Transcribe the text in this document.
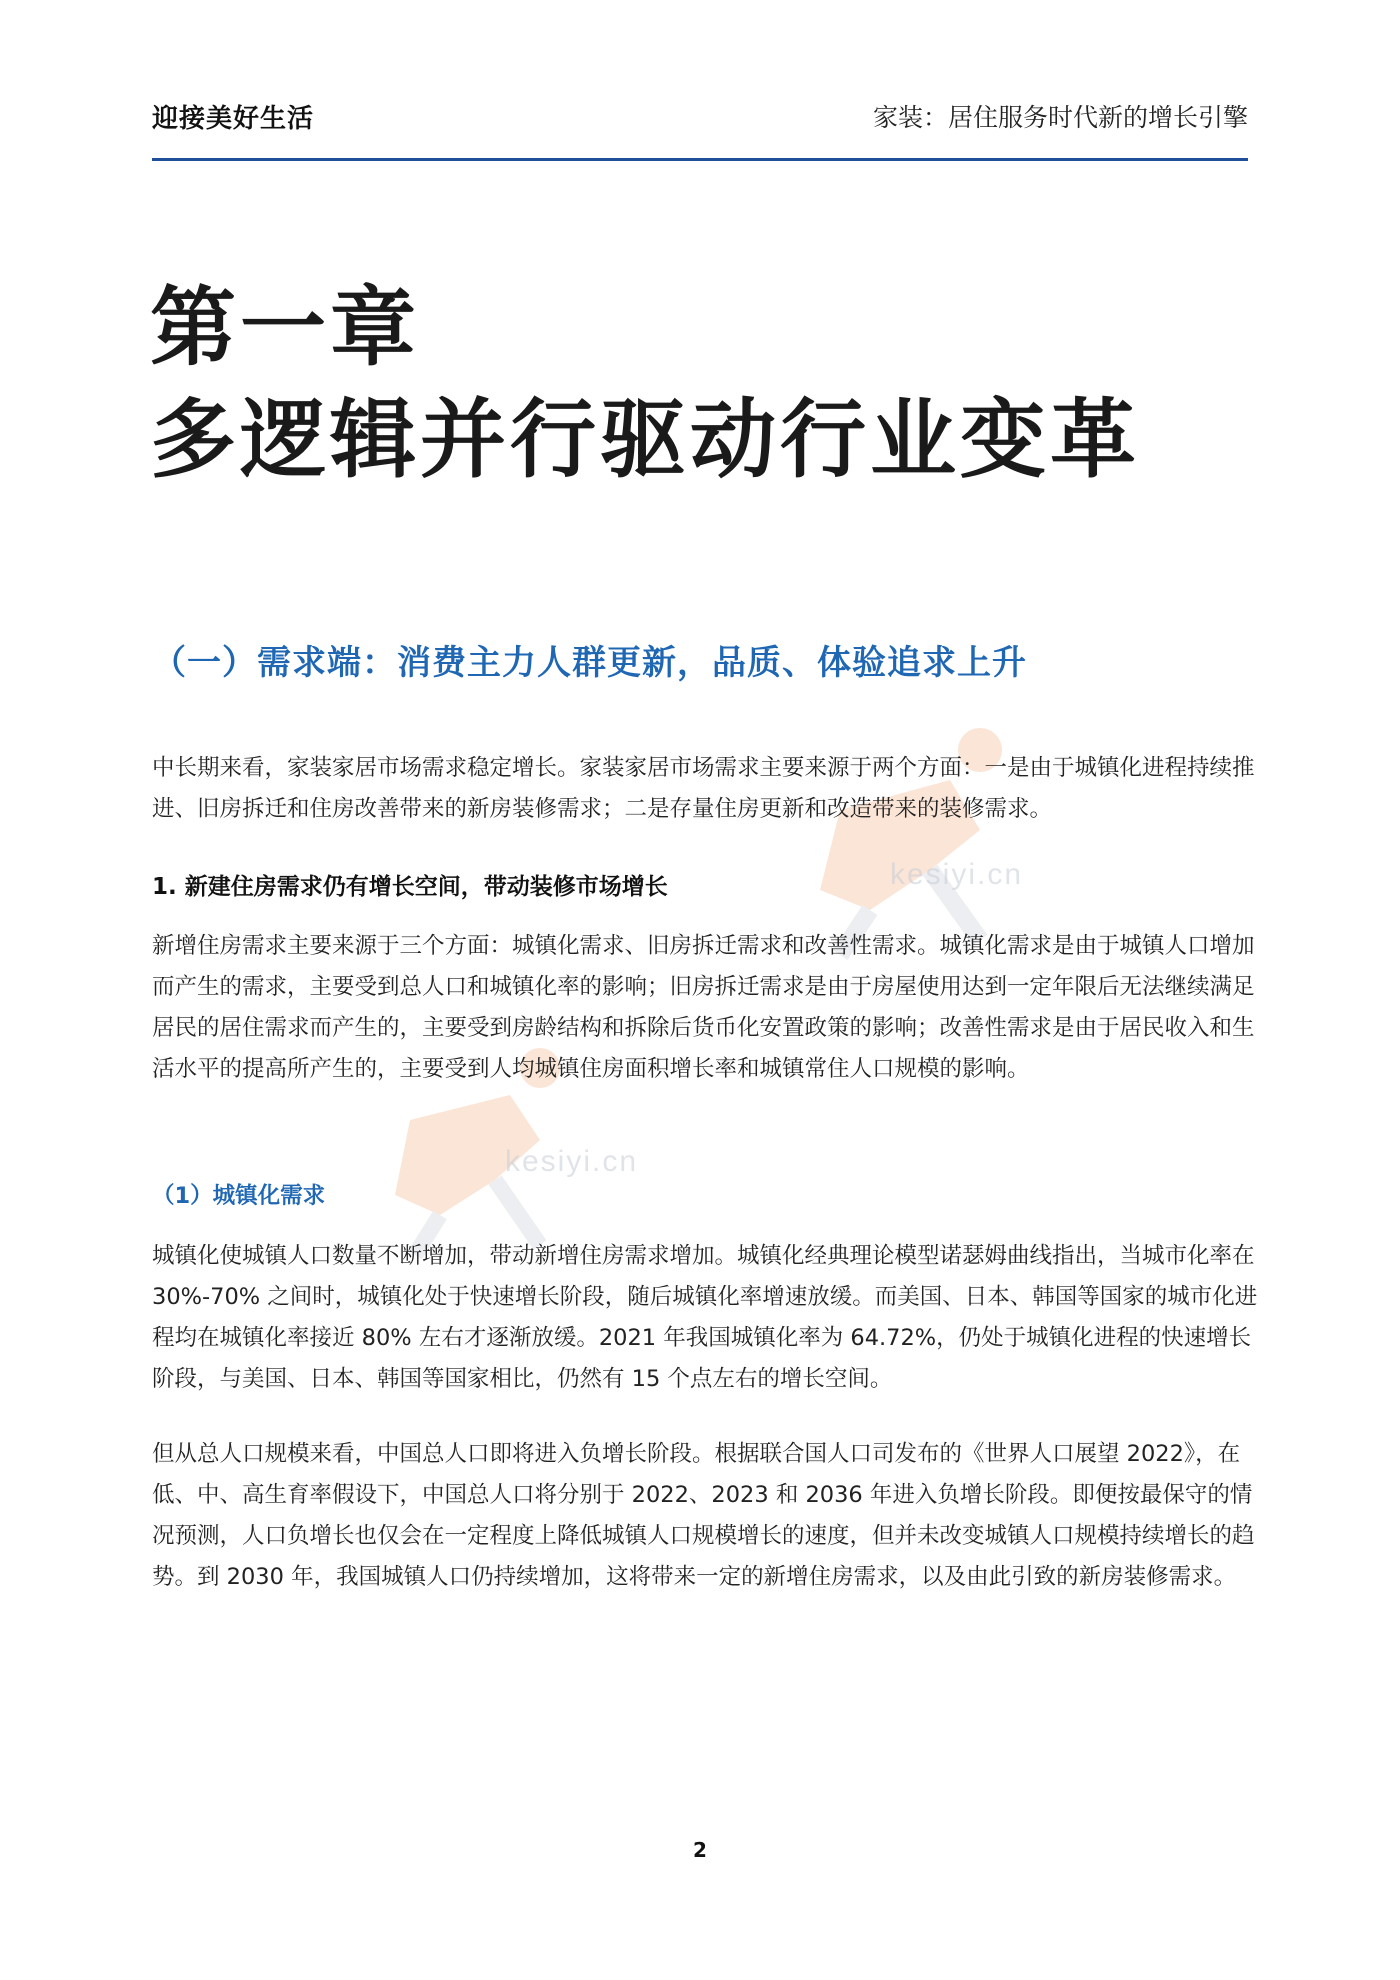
迎接美好生活	家装：居住服务时代新的增长引擎
第一章
多逻辑并行驱动行业变革
（一）需求端：消费主力人群更新，品质、体验追求上升
kesiyi.cn
kesiyi.cn

中长期来看，家装家居市场需求稳定增长。家装家居市场需求主要来源于两个方面：一是由于城镇化进程持续推进、旧房拆迁和住房改善带来的新房装修需求；二是存量住房更新和改造带来的装修需求。

1. 新建住房需求仍有增长空间，带动装修市场增长

新增住房需求主要来源于三个方面：城镇化需求、旧房拆迁需求和改善性需求。城镇化需求是由于城镇人口增加而产生的需求，主要受到总人口和城镇化率的影响；旧房拆迁需求是由于房屋使用达到一定年限后无法继续满足居民的居住需求而产生的，主要受到房龄结构和拆除后货币化安置政策的影响；改善性需求是由于居民收入和生活水平的提高所产生的，主要受到人均城镇住房面积增长率和城镇常住人口规模的影响。

（1）城镇化需求

城镇化使城镇人口数量不断增加，带动新增住房需求增加。城镇化经典理论模型诺瑟姆曲线指出，当城市化率在 30%-70% 之间时，城镇化处于快速增长阶段，随后城镇化率增速放缓。而美国、日本、韩国等国家的城市化进程均在城镇化率接近 80% 左右才逐渐放缓。2021 年我国城镇化率为 64.72%，仍处于城镇化进程的快速增长阶段，与美国、日本、韩国等国家相比，仍然有 15 个点左右的增长空间。

但从总人口规模来看，中国总人口即将进入负增长阶段。根据联合国人口司发布的《世界人口展望 2022》，在低、中、高生育率假设下，中国总人口将分别于 2022、2023 和 2036 年进入负增长阶段。即便按最保守的情况预测，人口负增长也仅会在一定程度上降低城镇人口规模增长的速度，但并未改变城镇人口规模持续增长的趋势。到 2030 年，我国城镇人口仍持续增加，这将带来一定的新增住房需求，以及由此引致的新房装修需求。

2
